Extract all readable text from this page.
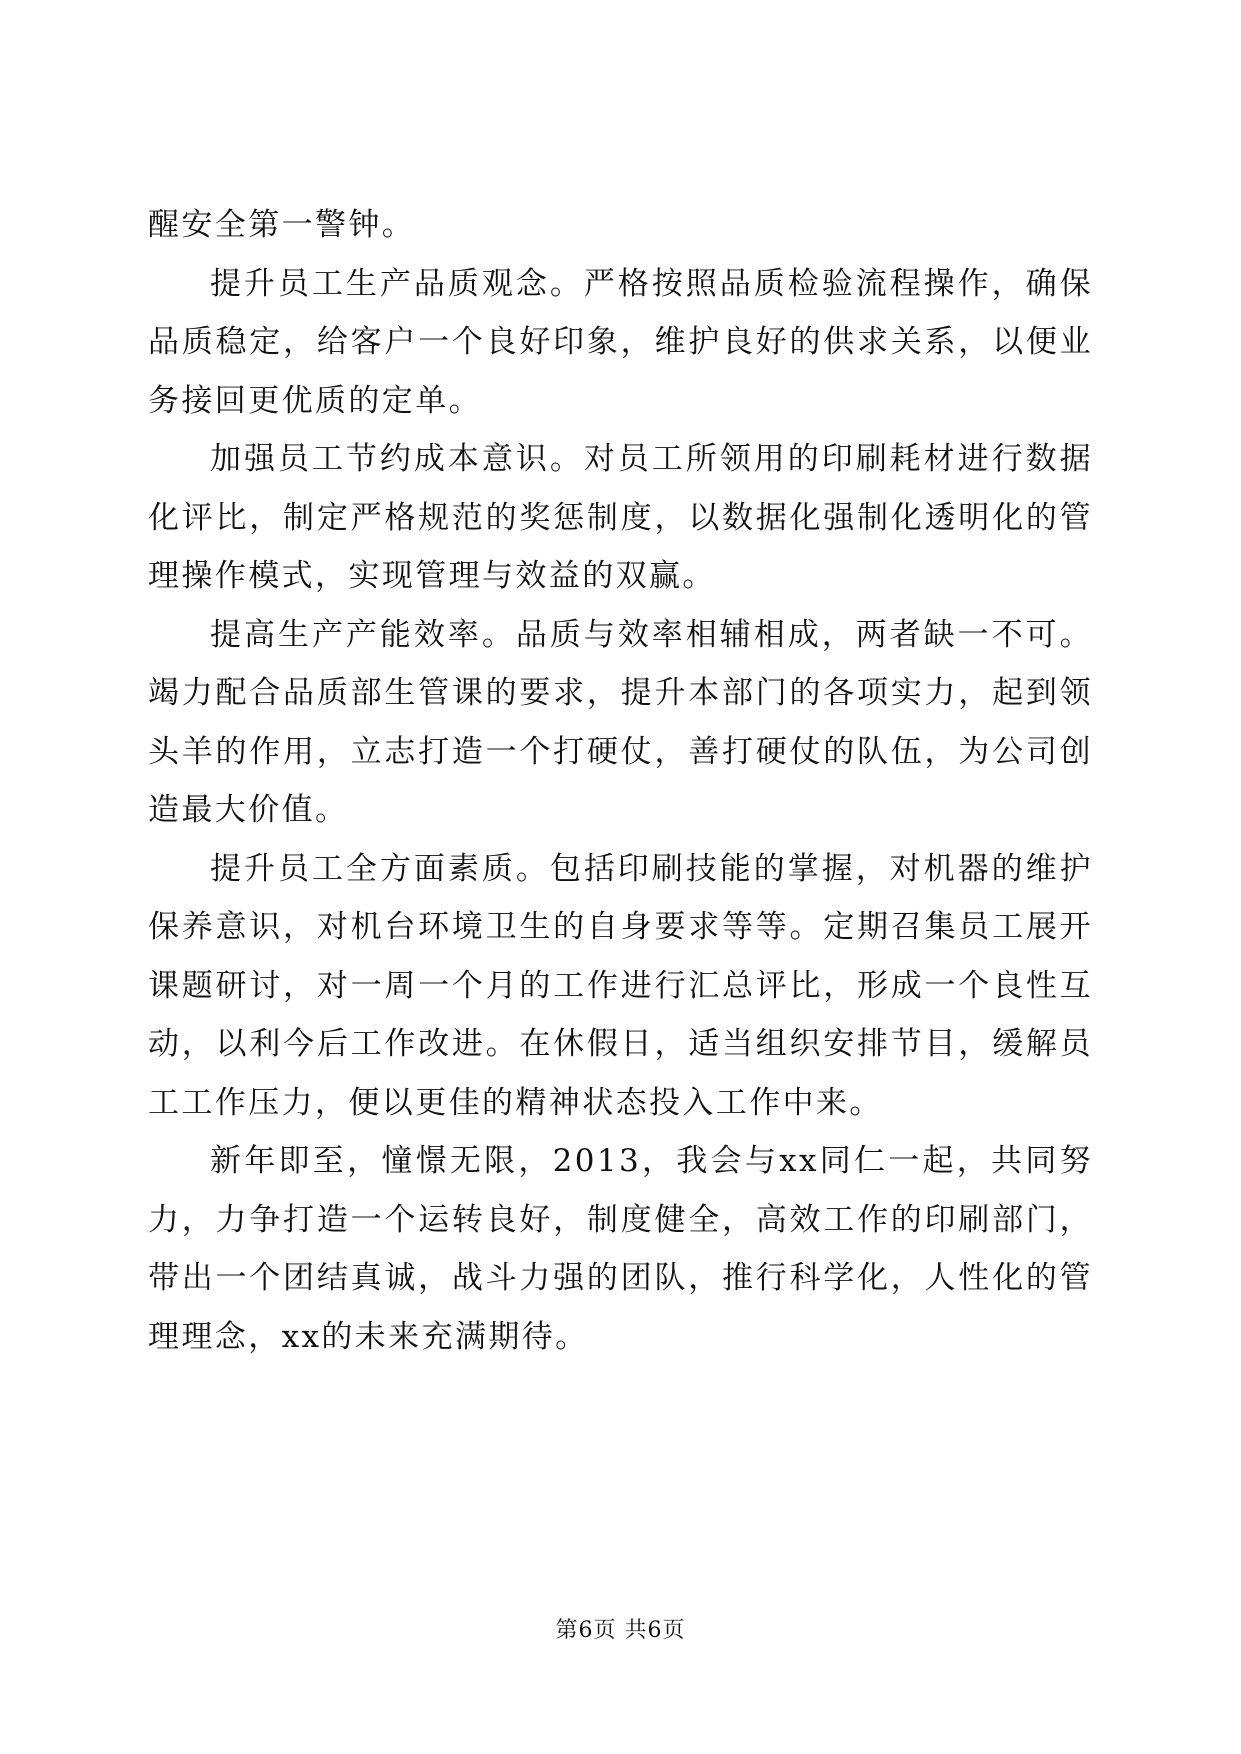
醒安全第一警钟。

提升员工生产品质观念。严格按照品质检验流程操作，确保品质稳定，给客户一个良好印象，维护良好的供求关系，以便业务接回更优质的定单。

加强员工节约成本意识。对员工所领用的印刷耗材进行数据化评比，制定严格规范的奖惩制度，以数据化强制化透明化的管理操作模式，实现管理与效益的双赢。

提高生产产能效率。品质与效率相辅相成，两者缺一不可。竭力配合品质部生管课的要求，提升本部门的各项实力，起到领头羊的作用，立志打造一个打硬仗，善打硬仗的队伍，为公司创造最大价值。

提升员工全方面素质。包括印刷技能的掌握，对机器的维护保养意识，对机台环境卫生的自身要求等等。定期召集员工展开课题研讨，对一周一个月的工作进行汇总评比，形成一个良性互动，以利今后工作改进。在休假日，适当组织安排节目，缓解员工工作压力，便以更佳的精神状态投入工作中来。

新年即至，憧憬无限，2013，我会与xx同仁一起，共同努力，力争打造一个运转良好，制度健全，高效工作的印刷部门，带出一个团结真诚，战斗力强的团队，推行科学化，人性化的管理理念，xx的未来充满期待。

第6页 共6页
